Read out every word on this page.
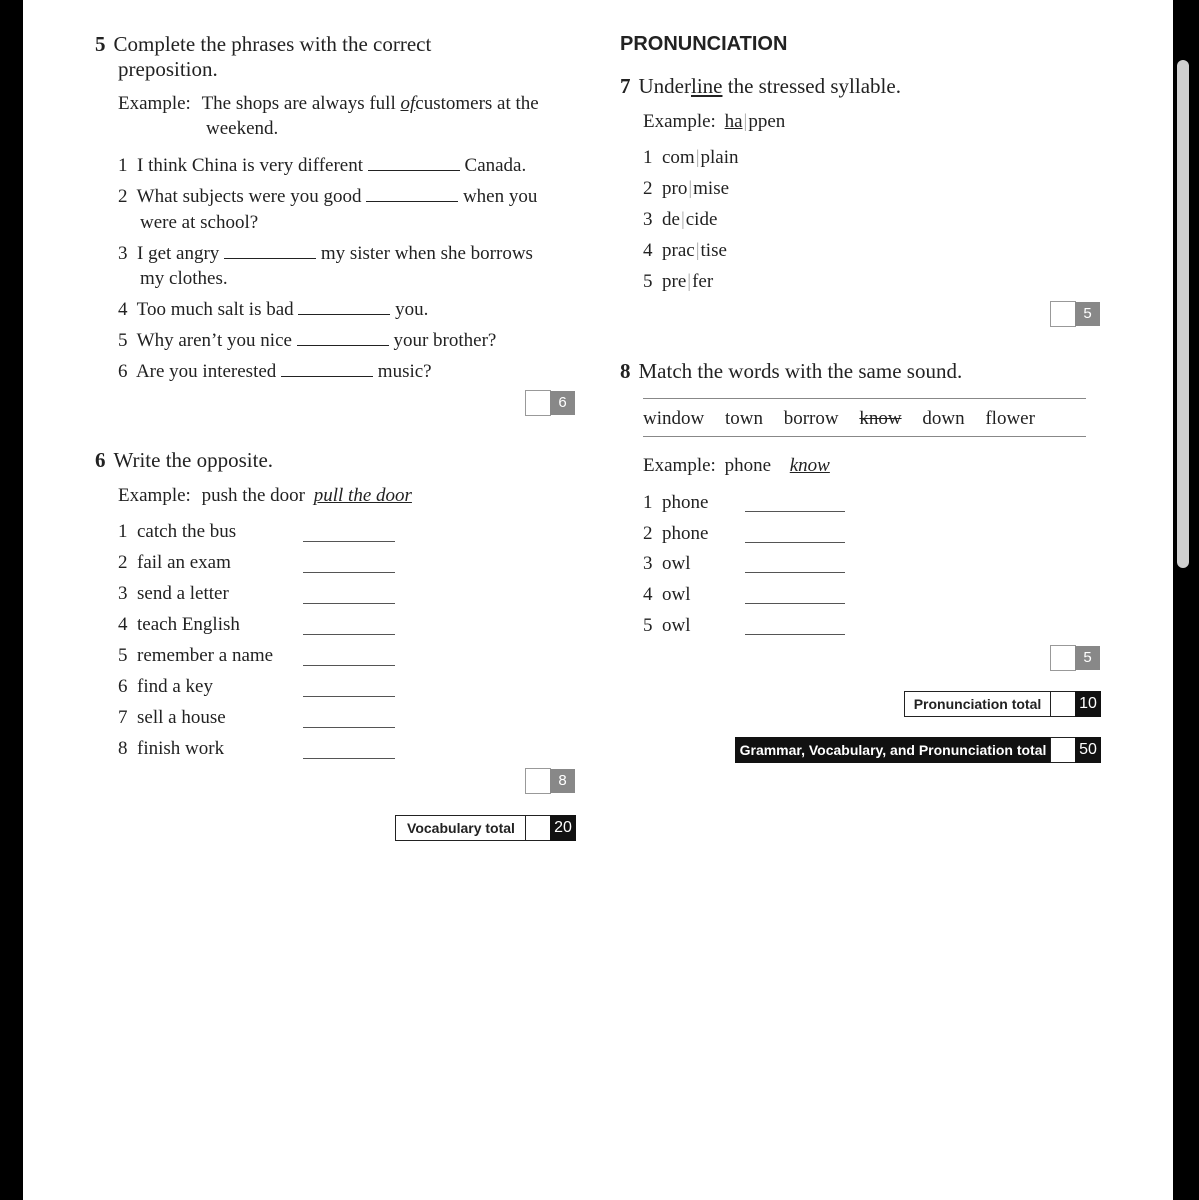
5 Complete the phrases with the correct
preposition.
Example: The shops are always full ofcustomers at the
weekend.
1 I think China is very different	Canada.
2 What subjects were you good	when you
were at school?
3 I get angry	my sister when she borrows
my clothes.
4 Too much salt is bad	you.
5 Why aren’t you nice	your brother?
6 Are you interested	music?
6
6 Write the opposite.
Example: push the door pull the door
1 catch the bus
2 fail an exam
3 send a letter
4 teach English
5 remember a name
6 find a key
7 sell a house
8 finish work
8
Vocabulary total	20
PRONUNCIATION
7 Underline the stressed syllable.
Example: ha|ppen
1 com|plain
2 pro|mise
3 de|cide
4 prac|tise
5 pre|fer
5
8 Match the words with the same sound.
window town borrow know down flower
Example: phone know
1 phone
2 phone
3 owl
4 owl
5 owl
5
Pronunciation total	10
Grammar, Vocabulary, and Pronunciation total 50
